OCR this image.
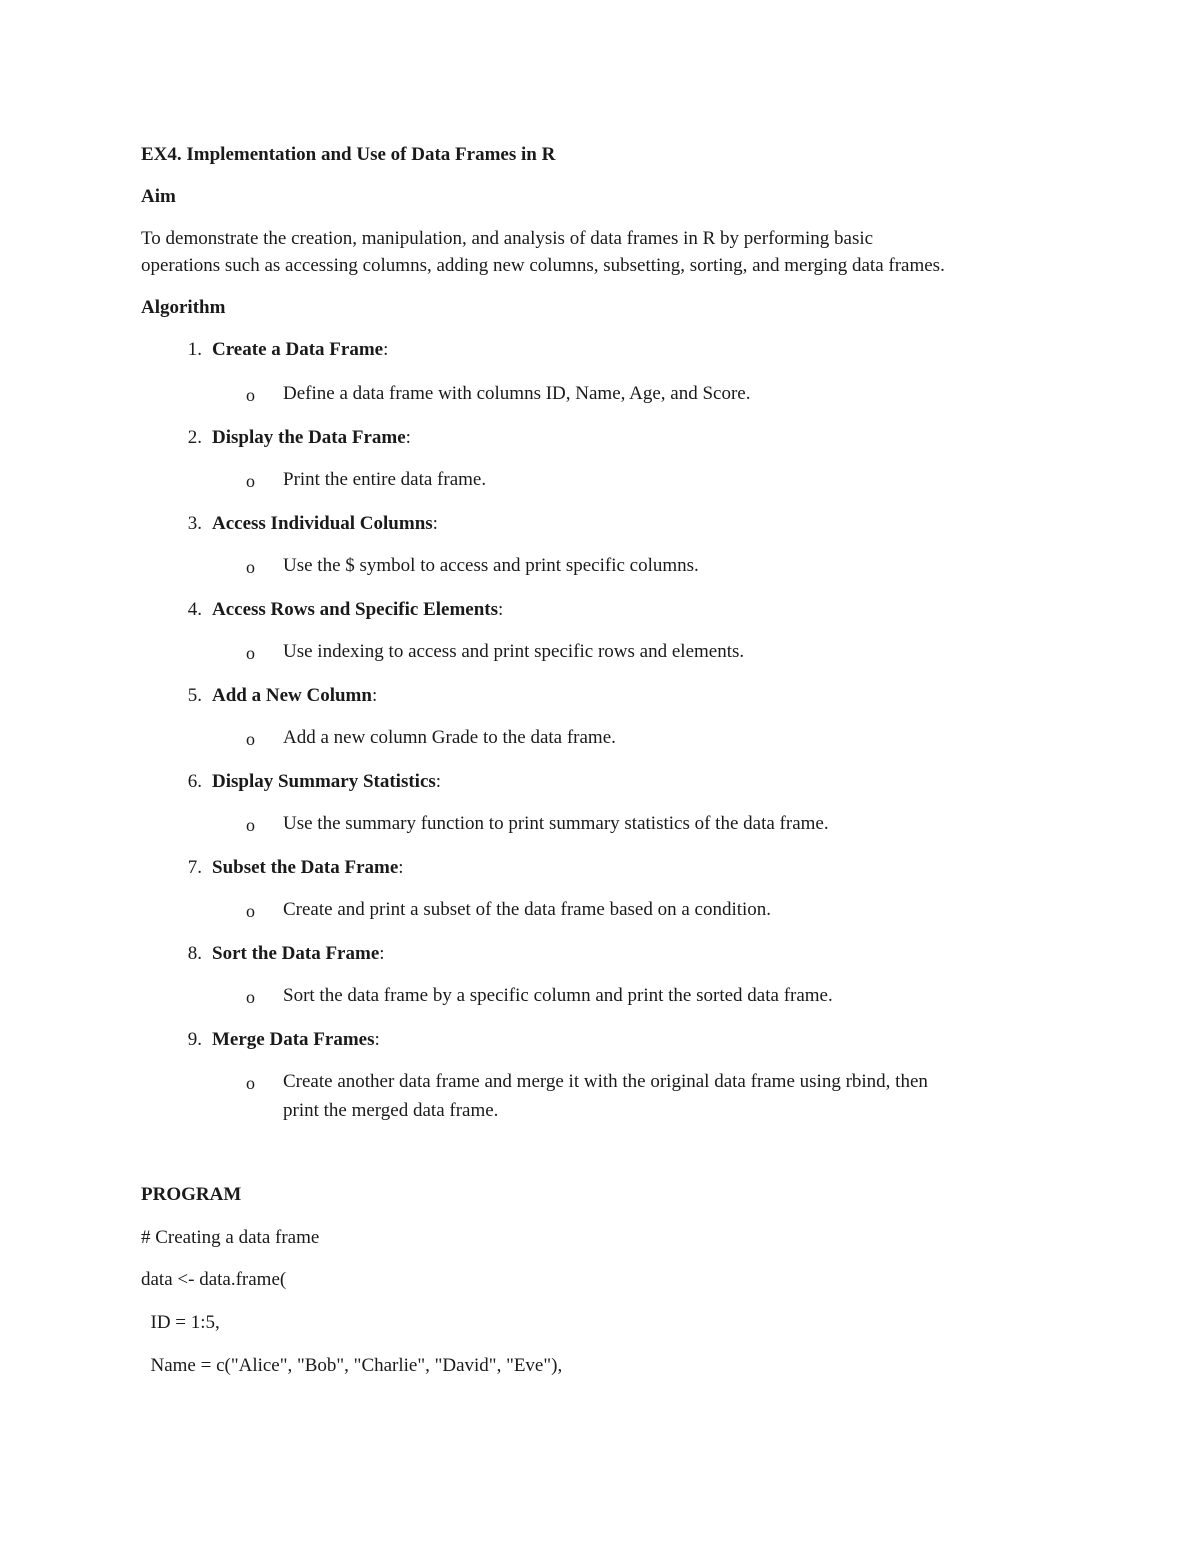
EX4. Implementation and Use of Data Frames in R
Aim
To demonstrate the creation, manipulation, and analysis of data frames in R by performing basic
operations such as accessing columns, adding new columns, subsetting, sorting, and merging data frames.
Algorithm
1. Create a Data Frame:
o Define a data frame with columns ID, Name, Age, and Score.
2. Display the Data Frame:
o Print the entire data frame.
3. Access Individual Columns:
o Use the $ symbol to access and print specific columns.
4. Access Rows and Specific Elements:
o Use indexing to access and print specific rows and elements.
5. Add a New Column:
o Add a new column Grade to the data frame.
6. Display Summary Statistics:
o Use the summary function to print summary statistics of the data frame.
7. Subset the Data Frame:
o Create and print a subset of the data frame based on a condition.
8. Sort the Data Frame:
o Sort the data frame by a specific column and print the sorted data frame.
9. Merge Data Frames:
o Create another data frame and merge it with the original data frame using rbind, then
print the merged data frame.
PROGRAM
# Creating a data frame
data <- data.frame(
ID = 1:5,
Name = c("Alice", "Bob", "Charlie", "David", "Eve"),
